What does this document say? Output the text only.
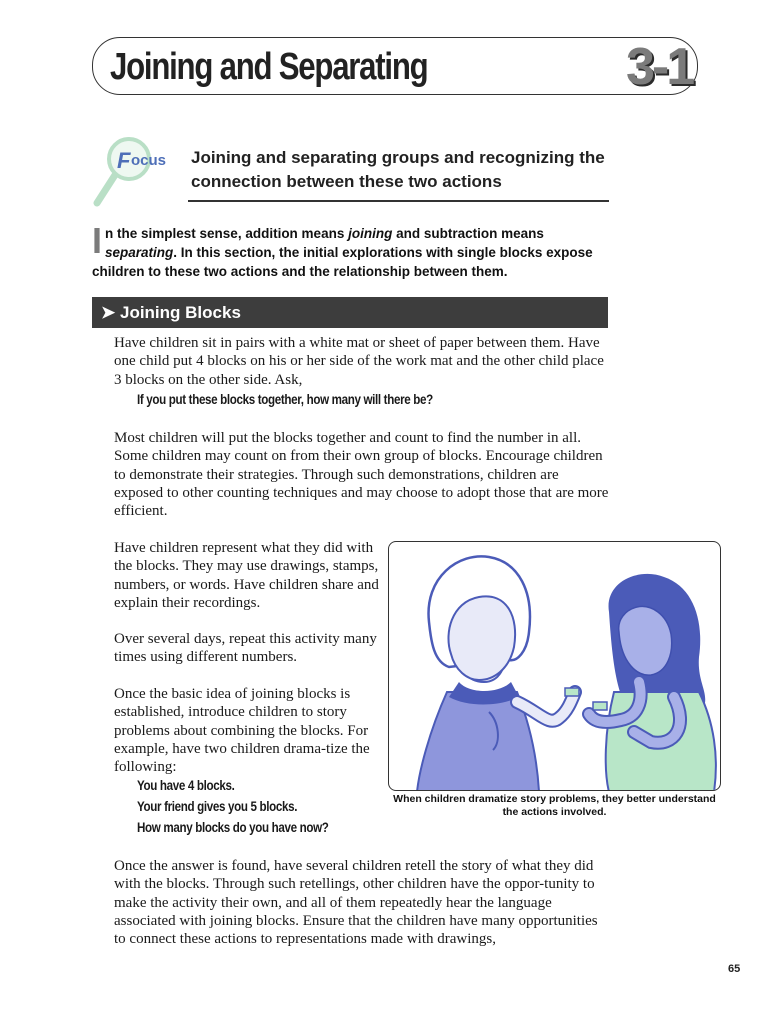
Joining and Separating	3-1
F ocus Joining and separating groups and recognizing the connection between these two actions
In the simplest sense, addition means joining and subtraction means separating. In this section, the initial explorations with single blocks expose children to these two actions and the relationship between them.
➤ Joining Blocks
Have children sit in pairs with a white mat or sheet of paper between them. Have one child put 4 blocks on his or her side of the work mat and the other child place 3 blocks on the other side. Ask,
If you put these blocks together, how many will there be?
Most children will put the blocks together and count to find the number in all. Some children may count on from their own group of blocks. Encourage children to demonstrate their strategies. Through such demonstrations, children are exposed to other counting techniques and may choose to adopt those that are more efficient.
Have children represent what they did with the blocks. They may use drawings, stamps, numbers, or words. Have children share and explain their recordings.
Over several days, repeat this activity many times using different numbers.
Once the basic idea of joining blocks is established, introduce children to story problems about combining the blocks. For example, have two children drama-tize the following:
You have 4 blocks.
Your friend gives you 5 blocks.
How many blocks do you have now?
Once the answer is found, have several children retell the story of what they did with the blocks. Through such retellings, other children have the oppor-tunity to make the activity their own, and all of them repeatedly hear the language associated with joining blocks. Ensure that the children have many opportunities to connect these actions to representations made with drawings,
When children dramatize story problems, they better understand the actions involved.
65
